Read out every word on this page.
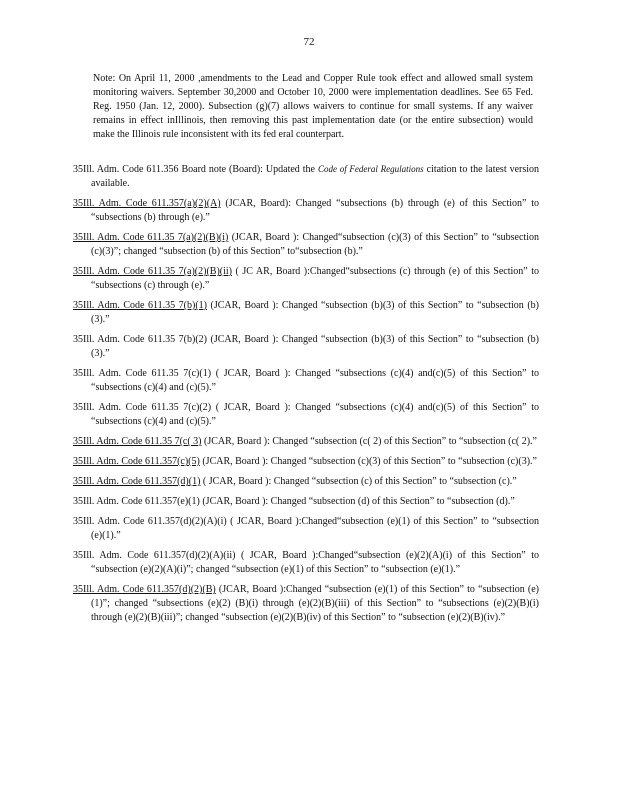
72

Note: On April 11, 2000 ,amendments to the Lead and Copper Rule took effect and allowed small system monitoring waivers. September 30,2000 and October 10, 2000 were implementation deadlines. See 65 Fed. Reg. 1950 (Jan. 12, 2000). Subsection (g)(7) allows waivers to continue for small systems. If any waiver remains in effect inIllinois, then removing this past implementation date (or the entire subsection) would make the Illinois rule inconsistent with its fed eral counterpart.

35Ill. Adm. Code 611.356 Board note (Board): Updated the Code of Federal Regulations citation to the latest version available.

35Ill. Adm. Code 611.357(a)(2)(A) (JCAR, Board): Changed “subsections (b) through (e) of this Section” to “subsections (b) through (e).”

35Ill. Adm. Code 611.35 7(a)(2)(B)(i) (JCAR, Board ): Changed“subsection (c)(3) of this Section” to “subsection (c)(3)”; changed “subsection (b) of this Section” to“subsection (b).”

35Ill. Adm. Code 611.35 7(a)(2)(B)(ii) ( JC AR, Board ):Changed“subsections (c) through (e) of this Section” to “subsections (c) through (e).”

35Ill. Adm. Code 611.35 7(b)(1) (JCAR, Board ): Changed “subsection (b)(3) of this Section” to “subsection (b)(3).”

35Ill. Adm. Code 611.35 7(b)(2) (JCAR, Board ): Changed “subsection (b)(3) of this Section” to “subsection (b)(3).”

35Ill. Adm. Code 611.35 7(c)(1) ( JCAR, Board ): Changed “subsections (c)(4) and(c)(5) of this Section” to “subsections (c)(4) and (c)(5).”

35Ill. Adm. Code 611.35 7(c)(2) ( JCAR, Board ): Changed “subsections (c)(4) and(c)(5) of this Section” to “subsections (c)(4) and (c)(5).”

35Ill. Adm. Code 611.35 7(c( 3) (JCAR, Board ): Changed “subsection (c( 2) of this Section” to “subsection (c( 2).”

35Ill. Adm. Code 611.357(c)(5) (JCAR, Board ): Changed “subsection (c)(3) of this Section” to “subsection (c)(3).”

35Ill. Adm. Code 611.357(d)(1) ( JCAR, Board ): Changed “subsection (c) of this Section” to “subsection (c).”

35Ill. Adm. Code 611.357(e)(1) (JCAR, Board ): Changed “subsection (d) of this Section” to “subsection (d).”

35Ill. Adm. Code 611.357(d)(2)(A)(i) ( JCAR, Board ):Changed“subsection (e)(1) of this Section” to “subsection (e)(1).”

35Ill. Adm. Code 611.357(d)(2)(A)(ii) ( JCAR, Board ):Changed“subsection (e)(2)(A)(i) of this Section” to “subsection (e)(2)(A)(i)”; changed “subsection (e)(1) of this Section” to “subsection (e)(1).”

35Ill. Adm. Code 611.357(d)(2)(B) (JCAR, Board ):Changed “subsection (e)(1) of this Section” to “subsection (e)(1)”; changed “subsections (e)(2) (B)(i) through (e)(2)(B)(iii) of this Section” to “subsections (e)(2)(B)(i) through (e)(2)(B)(iii)”; changed “subsection (e)(2)(B)(iv) of this Section” to “subsection (e)(2)(B)(iv).”
